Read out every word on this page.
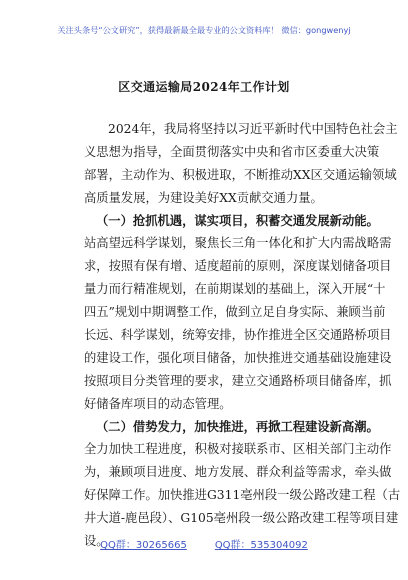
关注头条号“公文研究”，获得最新最全最专业的公文资料库！ 微信：gongwenyj
区交通运输局2024年工作计划
2024年，我局将坚持以习近平新时代中国特色社会主
义思想为指导，全面贯彻落实中央和省市区委重大决策
部署，主动作为、积极进取，不断推动XX区交通运输领域
高质量发展，为建设美好XX贡献交通力量。
（一）抢抓机遇，谋实项目，积蓄交通发展新动能。
站高望远科学谋划，聚焦长三角一体化和扩大内需战略需
求，按照有保有增、适度超前的原则，深度谋划储备项目
量力而行精准规划，在前期谋划的基础上，深入开展“十
四五”规划中期调整工作，做到立足自身实际、兼顾当前
长远、科学谋划，统筹安排，协作推进全区交通路桥项目
的建设工作，强化项目储备，加快推进交通基础设施建设
按照项目分类管理的要求，建立交通路桥项目储备库，抓
好储备库项目的动态管理。
（二）借势发力，加快推进，再掀工程建设新高潮。
全力加快工程进度，积极对接联系市、区相关部门主动作
为，兼顾项目进度、地方发展、群众利益等需求，牵头做
好保障工作。加快推进G311亳州段一级公路改建工程（古
井大道-鹿邑段）、G105亳州段一级公路改建工程等项目建
设。
QQ群：30265665	QQ群：535304092
